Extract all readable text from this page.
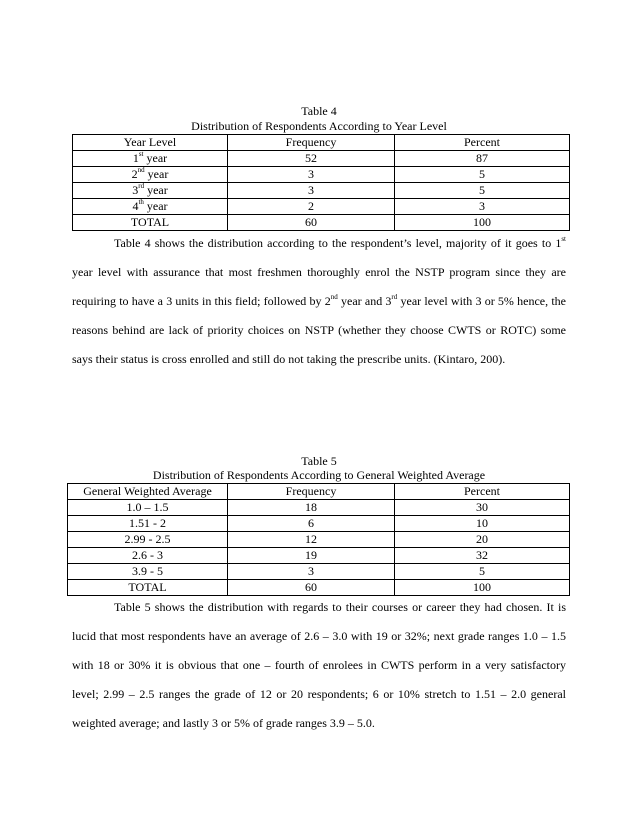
Table 4
Distribution of Respondents According to Year Level
Year Level	Frequency	Percent
1st year	52	87
2nd year	3	5
3rd year	3	5
4th year	2	3
TOTAL	60	100

Table 4 shows the distribution according to the respondent’s level, majority of it goes to 1st year level with assurance that most freshmen thoroughly enrol the NSTP program since they are requiring to have a 3 units in this field; followed by 2nd year and 3rd year level with 3 or 5% hence, the reasons behind are lack of priority choices on NSTP (whether they choose CWTS or ROTC) some says their status is cross enrolled and still do not taking the prescribe units. (Kintaro, 200).

Table 5
Distribution of Respondents According to General Weighted Average
General Weighted Average	Frequency	Percent
1.0 – 1.5	18	30
1.51 - 2	6	10
2.99 - 2.5	12	20
2.6 - 3	19	32
3.9 - 5	3	5
TOTAL	60	100

Table 5 shows the distribution with regards to their courses or career they had chosen. It is lucid that most respondents have an average of 2.6 – 3.0 with 19 or 32%; next grade ranges 1.0 – 1.5 with 18 or 30% it is obvious that one – fourth of enrolees in CWTS perform in a very satisfactory level; 2.99 – 2.5 ranges the grade of 12 or 20 respondents; 6 or 10% stretch to 1.51 – 2.0 general weighted average; and lastly 3 or 5% of grade ranges 3.9 – 5.0.
